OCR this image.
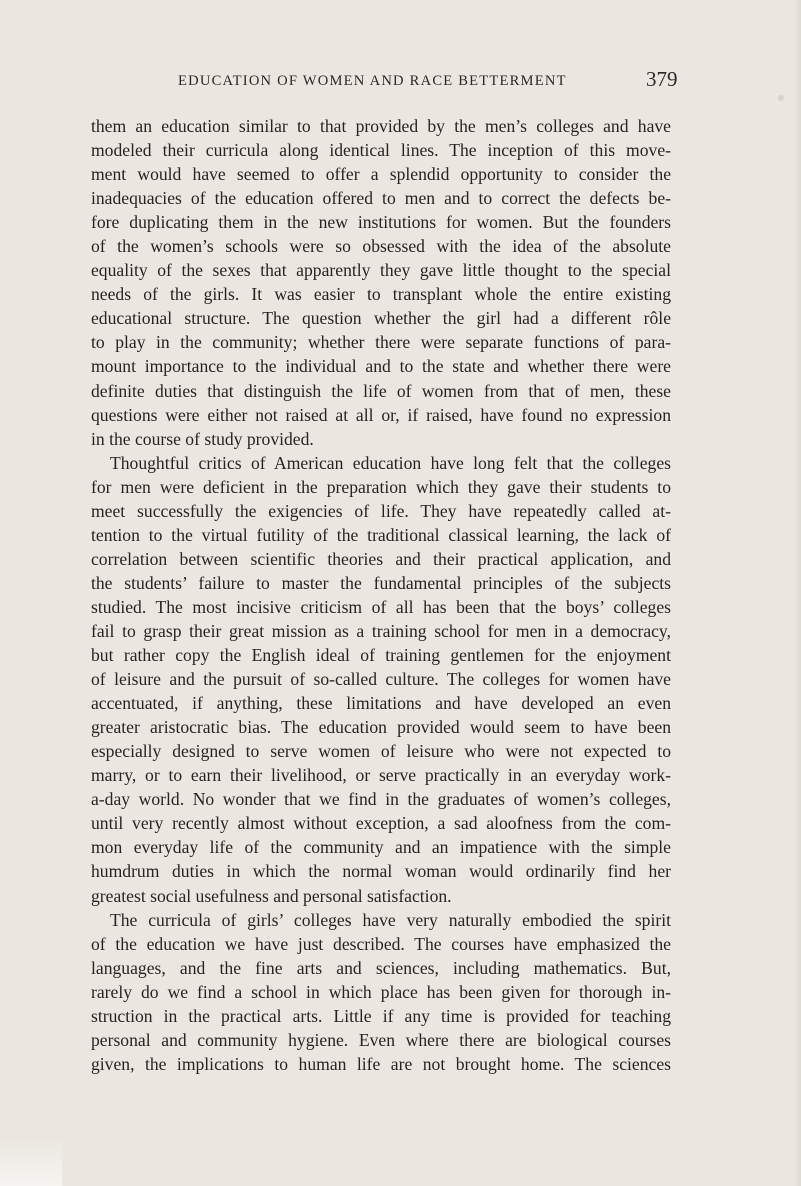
EDUCATION OF WOMEN AND RACE BETTERMENT	379
them an education similar to that provided by the men’s colleges and have
modeled their curricula along identical lines. The inception of this move-
ment would have seemed to offer a splendid opportunity to consider the
inadequacies of the education offered to men and to correct the defects be-
fore duplicating them in the new institutions for women. But the founders
of the women’s schools were so obsessed with the idea of the absolute
equality of the sexes that apparently they gave little thought to the special
needs of the girls. It was easier to transplant whole the entire existing
educational structure. The question whether the girl had a different rôle
to play in the community; whether there were separate functions of para-
mount importance to the individual and to the state and whether there were
definite duties that distinguish the life of women from that of men, these
questions were either not raised at all or, if raised, have found no expression
in the course of study provided.
Thoughtful critics of American education have long felt that the colleges
for men were deficient in the preparation which they gave their students to
meet successfully the exigencies of life. They have repeatedly called at-
tention to the virtual futility of the traditional classical learning, the lack of
correlation between scientific theories and their practical application, and
the students’ failure to master the fundamental principles of the subjects
studied. The most incisive criticism of all has been that the boys’ colleges
fail to grasp their great mission as a training school for men in a democracy,
but rather copy the English ideal of training gentlemen for the enjoyment
of leisure and the pursuit of so-called culture. The colleges for women have
accentuated, if anything, these limitations and have developed an even
greater aristocratic bias. The education provided would seem to have been
especially designed to serve women of leisure who were not expected to
marry, or to earn their livelihood, or serve practically in an everyday work-
a-day world. No wonder that we find in the graduates of women’s colleges,
until very recently almost without exception, a sad aloofness from the com-
mon everyday life of the community and an impatience with the simple
humdrum duties in which the normal woman would ordinarily find her
greatest social usefulness and personal satisfaction.
The curricula of girls’ colleges have very naturally embodied the spirit
of the education we have just described. The courses have emphasized the
languages, and the fine arts and sciences, including mathematics. But,
rarely do we find a school in which place has been given for thorough in-
struction in the practical arts. Little if any time is provided for teaching
personal and community hygiene. Even where there are biological courses
given, the implications to human life are not brought home. The sciences
